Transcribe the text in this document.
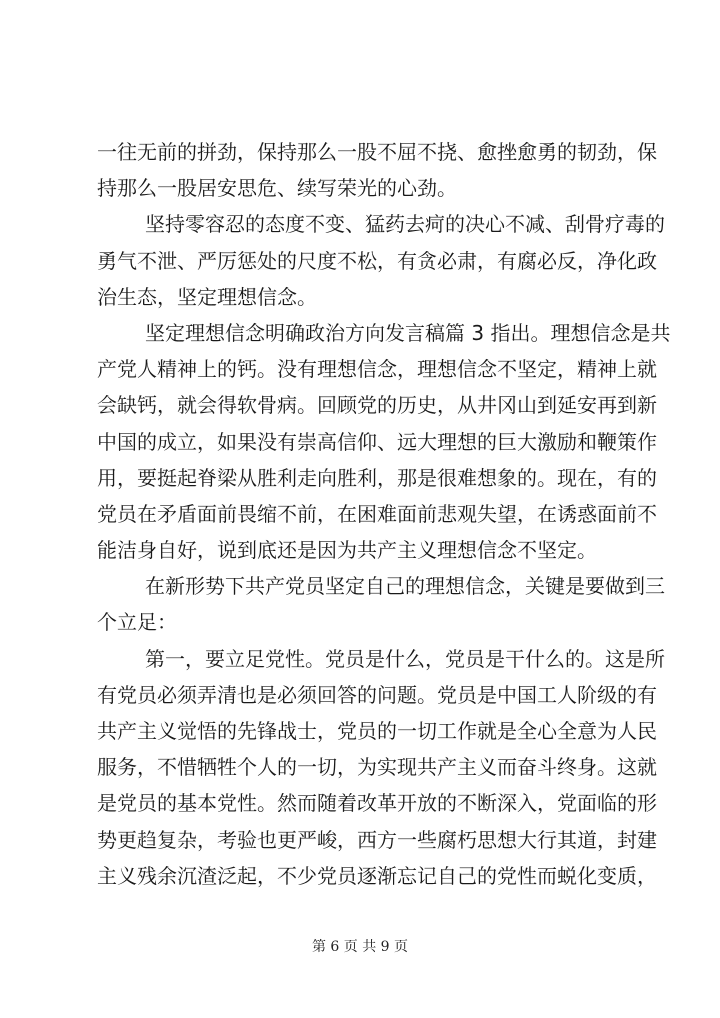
一往无前的拼劲，保持那么一股不屈不挠、愈挫愈勇的韧劲，保
持那么一股居安思危、续写荣光的心劲。
坚持零容忍的态度不变、猛药去疴的决心不减、刮骨疗毒的
勇气不泄、严厉惩处的尺度不松，有贪必肃，有腐必反，净化政
治生态，坚定理想信念。
坚定理想信念明确政治方向发言稿篇 3 指出。理想信念是共
产党人精神上的钙。没有理想信念，理想信念不坚定，精神上就
会缺钙，就会得软骨病。回顾党的历史，从井冈山到延安再到新
中国的成立，如果没有崇高信仰、远大理想的巨大激励和鞭策作
用，要挺起脊梁从胜利走向胜利，那是很难想象的。现在，有的
党员在矛盾面前畏缩不前，在困难面前悲观失望，在诱惑面前不
能洁身自好，说到底还是因为共产主义理想信念不坚定。
在新形势下共产党员坚定自己的理想信念，关键是要做到三
个立足：
第一，要立足党性。党员是什么，党员是干什么的。这是所
有党员必须弄清也是必须回答的问题。党员是中国工人阶级的有
共产主义觉悟的先锋战士，党员的一切工作就是全心全意为人民
服务，不惜牺牲个人的一切，为实现共产主义而奋斗终身。这就
是党员的基本党性。然而随着改革开放的不断深入，党面临的形
势更趋复杂，考验也更严峻，西方一些腐朽思想大行其道，封建
主义残余沉渣泛起，不少党员逐渐忘记自己的党性而蜕化变质，
第 6 页 共 9 页
